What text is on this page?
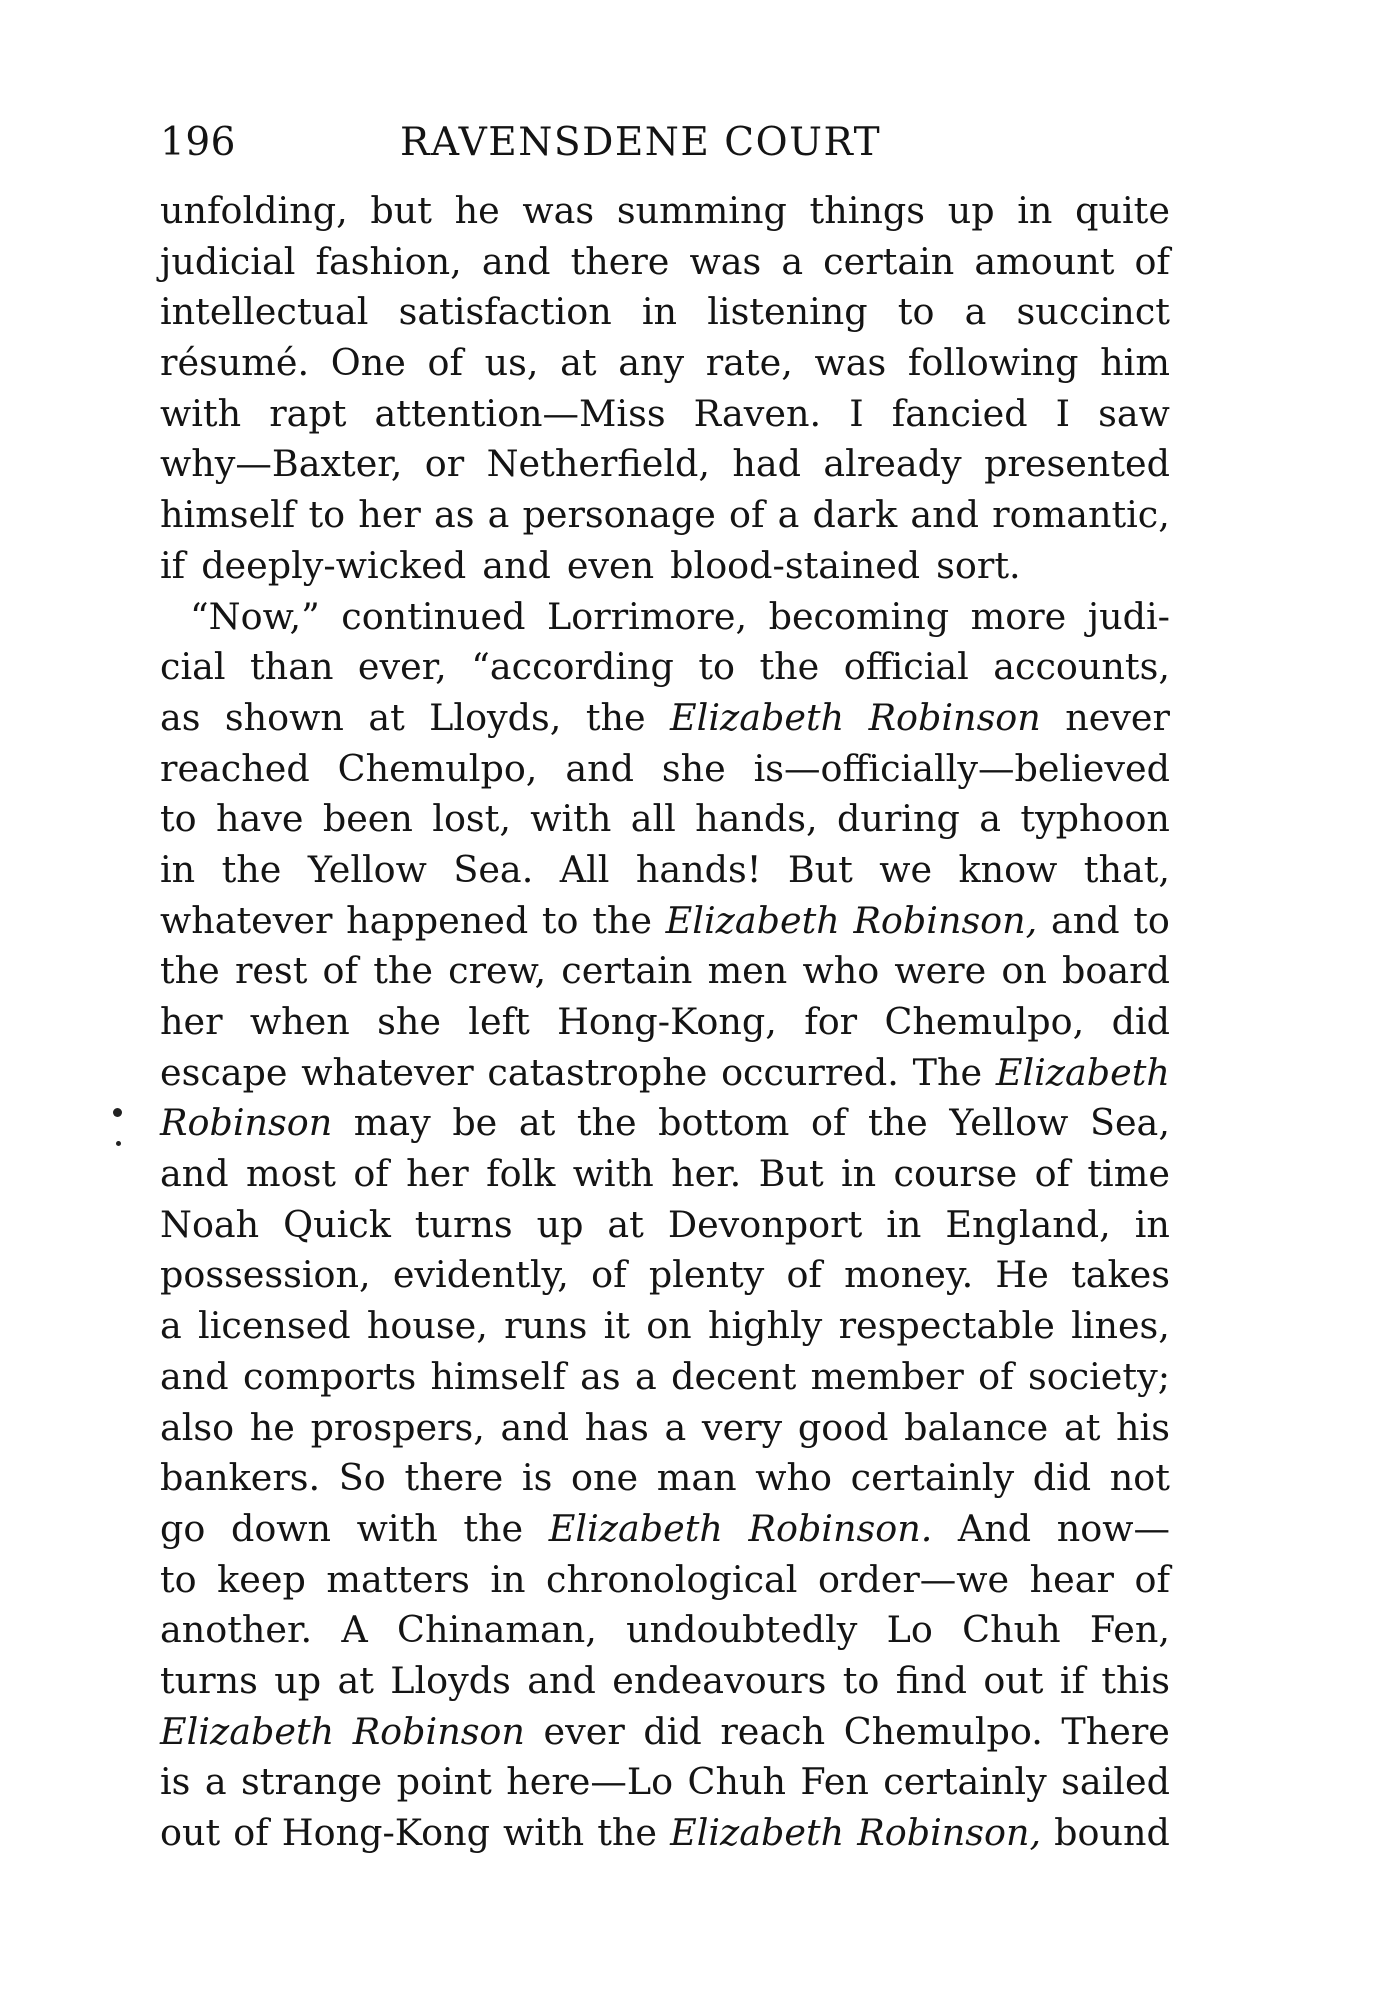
196	RAVENSDENE COURT
unfolding, but he was summing things up in quite
judicial fashion, and there was a certain amount of
intellectual satisfaction in listening to a succinct
résumé. One of us, at any rate, was following him
with rapt attention—Miss Raven. I fancied I saw
why—Baxter, or Netherfield, had already presented
himself to her as a personage of a dark and romantic,
if deeply-wicked and even blood-stained sort.
“Now,” continued Lorrimore, becoming more judi-
cial than ever, “according to the official accounts,
as shown at Lloyds, the Elizabeth Robinson never
reached Chemulpo, and she is—officially—believed
to have been lost, with all hands, during a typhoon
in the Yellow Sea. All hands! But we know that,
whatever happened to the Elizabeth Robinson, and to
the rest of the crew, certain men who were on board
her when she left Hong-Kong, for Chemulpo, did
escape whatever catastrophe occurred. The Elizabeth
Robinson may be at the bottom of the Yellow Sea,
and most of her folk with her. But in course of time
Noah Quick turns up at Devonport in England, in
possession, evidently, of plenty of money. He takes
a licensed house, runs it on highly respectable lines,
and comports himself as a decent member of society;
also he prospers, and has a very good balance at his
bankers. So there is one man who certainly did not
go down with the Elizabeth Robinson. And now—
to keep matters in chronological order—we hear of
another. A Chinaman, undoubtedly Lo Chuh Fen,
turns up at Lloyds and endeavours to find out if this
Elizabeth Robinson ever did reach Chemulpo. There
is a strange point here—Lo Chuh Fen certainly sailed
out of Hong-Kong with the Elizabeth Robinson, bound
